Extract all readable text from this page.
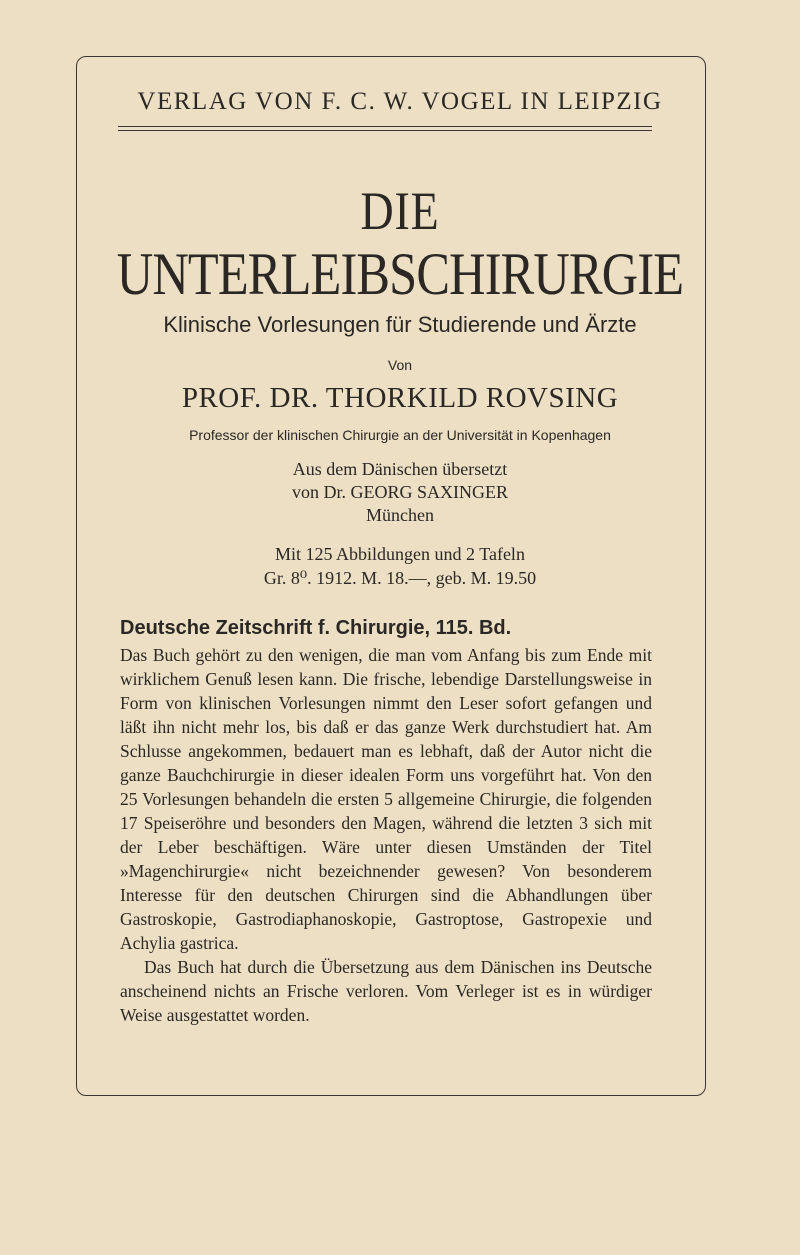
VERLAG VON F. C. W. VOGEL IN LEIPZIG
DIE
UNTERLEIBSCHIRURGIE
Klinische Vorlesungen für Studierende und Ärzte
Von
PROF. DR. THORKILD ROVSING
Professor der klinischen Chirurgie an der Universität in Kopenhagen
Aus dem Dänischen übersetzt
von Dr. GEORG SAXINGER
München
Mit 125 Abbildungen und 2 Tafeln
Gr. 8⁰. 1912. M. 18.—, geb. M. 19.50
Deutsche Zeitschrift f. Chirurgie, 115. Bd.

Das Buch gehört zu den wenigen, die man vom Anfang bis zum Ende mit wirklichem Genuß lesen kann. Die frische, lebendige Darstellungsweise in Form von klinischen Vorlesungen nimmt den Leser sofort gefangen und läßt ihn nicht mehr los, bis daß er das ganze Werk durchstudiert hat. Am Schlusse angekommen, bedauert man es lebhaft, daß der Autor nicht die ganze Bauchchirurgie in dieser idealen Form uns vorgeführt hat. Von den 25 Vorlesungen behandeln die ersten 5 allgemeine Chirurgie, die folgenden 17 Speiseröhre und besonders den Magen, während die letzten 3 sich mit der Leber beschäftigen. Wäre unter diesen Umständen der Titel »Magenchirurgie« nicht bezeichnender gewesen? Von besonderem Interesse für den deutschen Chirurgen sind die Abhandlungen über Gastroskopie, Gastrodiaphanoskopie, Gastroptose, Gastropexie und Achylia gastrica.

Das Buch hat durch die Übersetzung aus dem Dänischen ins Deutsche anscheinend nichts an Frische verloren. Vom Verleger ist es in würdiger Weise ausgestattet worden.
